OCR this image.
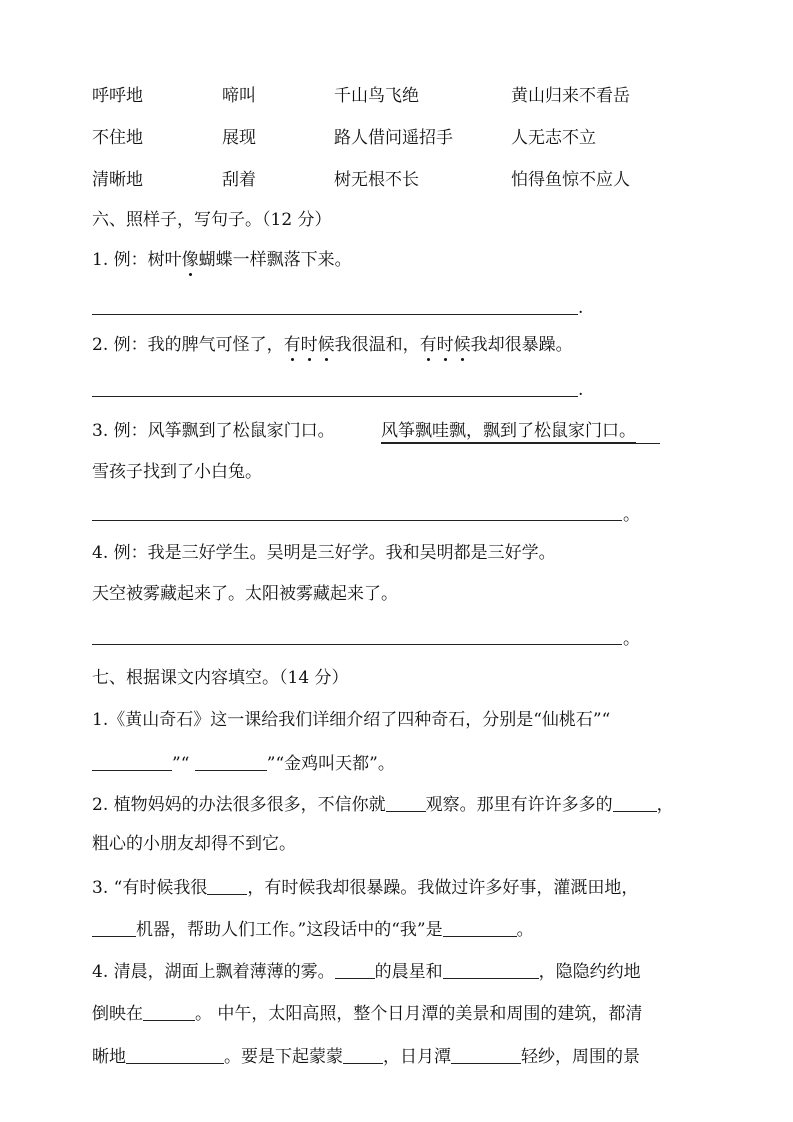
呼呼地	啼叫	千山鸟飞绝	黄山归来不看岳
不住地	展现	路人借问遥招手	人无志不立
清晰地	刮着	树无根不长	怕得鱼惊不应人
六、照样子，写句子。（12 分）
1. 例：树叶像蝴蝶一样飘落下来。
.
2. 例：我的脾气可怪了，有时候我很温和，有时候我却很暴躁。
.
3. 例：风筝飘到了松鼠家门口。	风筝飘哇飘，飘到了松鼠家门口。
雪孩子找到了小白兔。
。
4. 例：我是三好学生。吴明是三好学。我和吴明都是三好学。
天空被雾藏起来了。太阳被雾藏起来了。
。
七、根据课文内容填空。（14 分）
1.《黄山奇石》这一课给我们详细介绍了四种奇石，分别是“仙桃石”“
”“	”“金鸡叫天都”。
2. 植物妈妈的办法很多很多，不信你就 观察。那里有许许多多的	，
粗心的小朋友却得不到它。
3. “有时候我很 ，有时候我却很暴躁。我做过许多好事，灌溉田地，
机器，帮助人们工作。”这段话中的“我”是	。
4. 清晨，湖面上飘着薄薄的雾。 的晨星和	，隐隐约约地
倒映在	。 中午，太阳高照，整个日月潭的美景和周围的建筑，都清
晰地	。要是下起蒙蒙 ，日月潭	轻纱，周围的景
